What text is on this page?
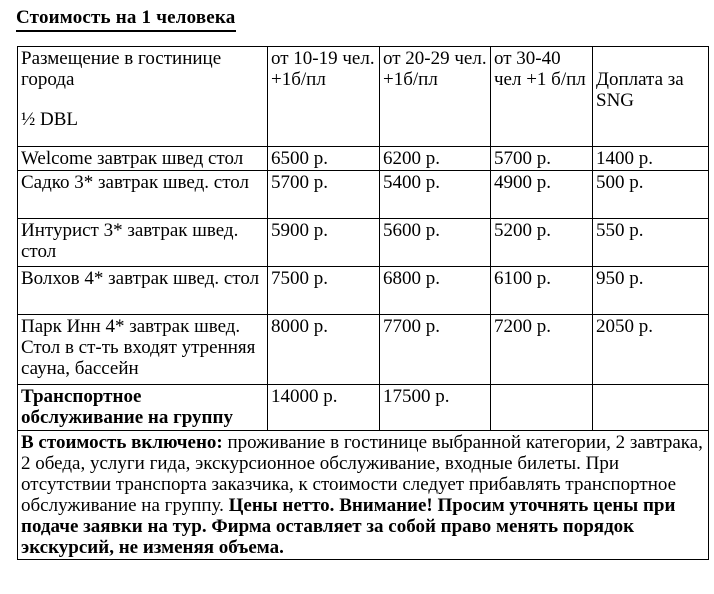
Стоимость на 1 человека
Размещение в гостинице города
½ DBL	от 10-19 чел. +1б/пл	от 20-29 чел. +1б/пл	от 30-40 чел +1 б/пл	Доплата за SNG
Welcome завтрак швед стол	6500 р.	6200 р.	5700 р.	1400 р.
Садко 3* завтрак швед. стол	5700 р.	5400 р.	4900 р.	500 р.
Интурист 3* завтрак швед. стол	5900 р.	5600 р.	5200 р.	550 р.
Волхов 4* завтрак швед. стол	7500 р.	6800 р.	6100 р.	950 р.
Парк Инн 4* завтрак швед. Стол в ст-ть входят утренняя сауна, бассейн	8000 р.	7700 р.	7200 р.	2050 р.
Транспортное обслуживание на группу	14000 р.	17500 р.		
В стоимость включено: проживание в гостинице выбранной категории, 2 завтрака, 2 обеда, услуги гида, экскурсионное обслуживание, входные билеты. При отсутствии транспорта заказчика, к стоимости следует прибавлять транспортное обслуживание на группу. Цены нетто. Внимание! Просим уточнять цены при подаче заявки на тур. Фирма оставляет за собой право менять порядок экскурсий, не изменяя объема.				
